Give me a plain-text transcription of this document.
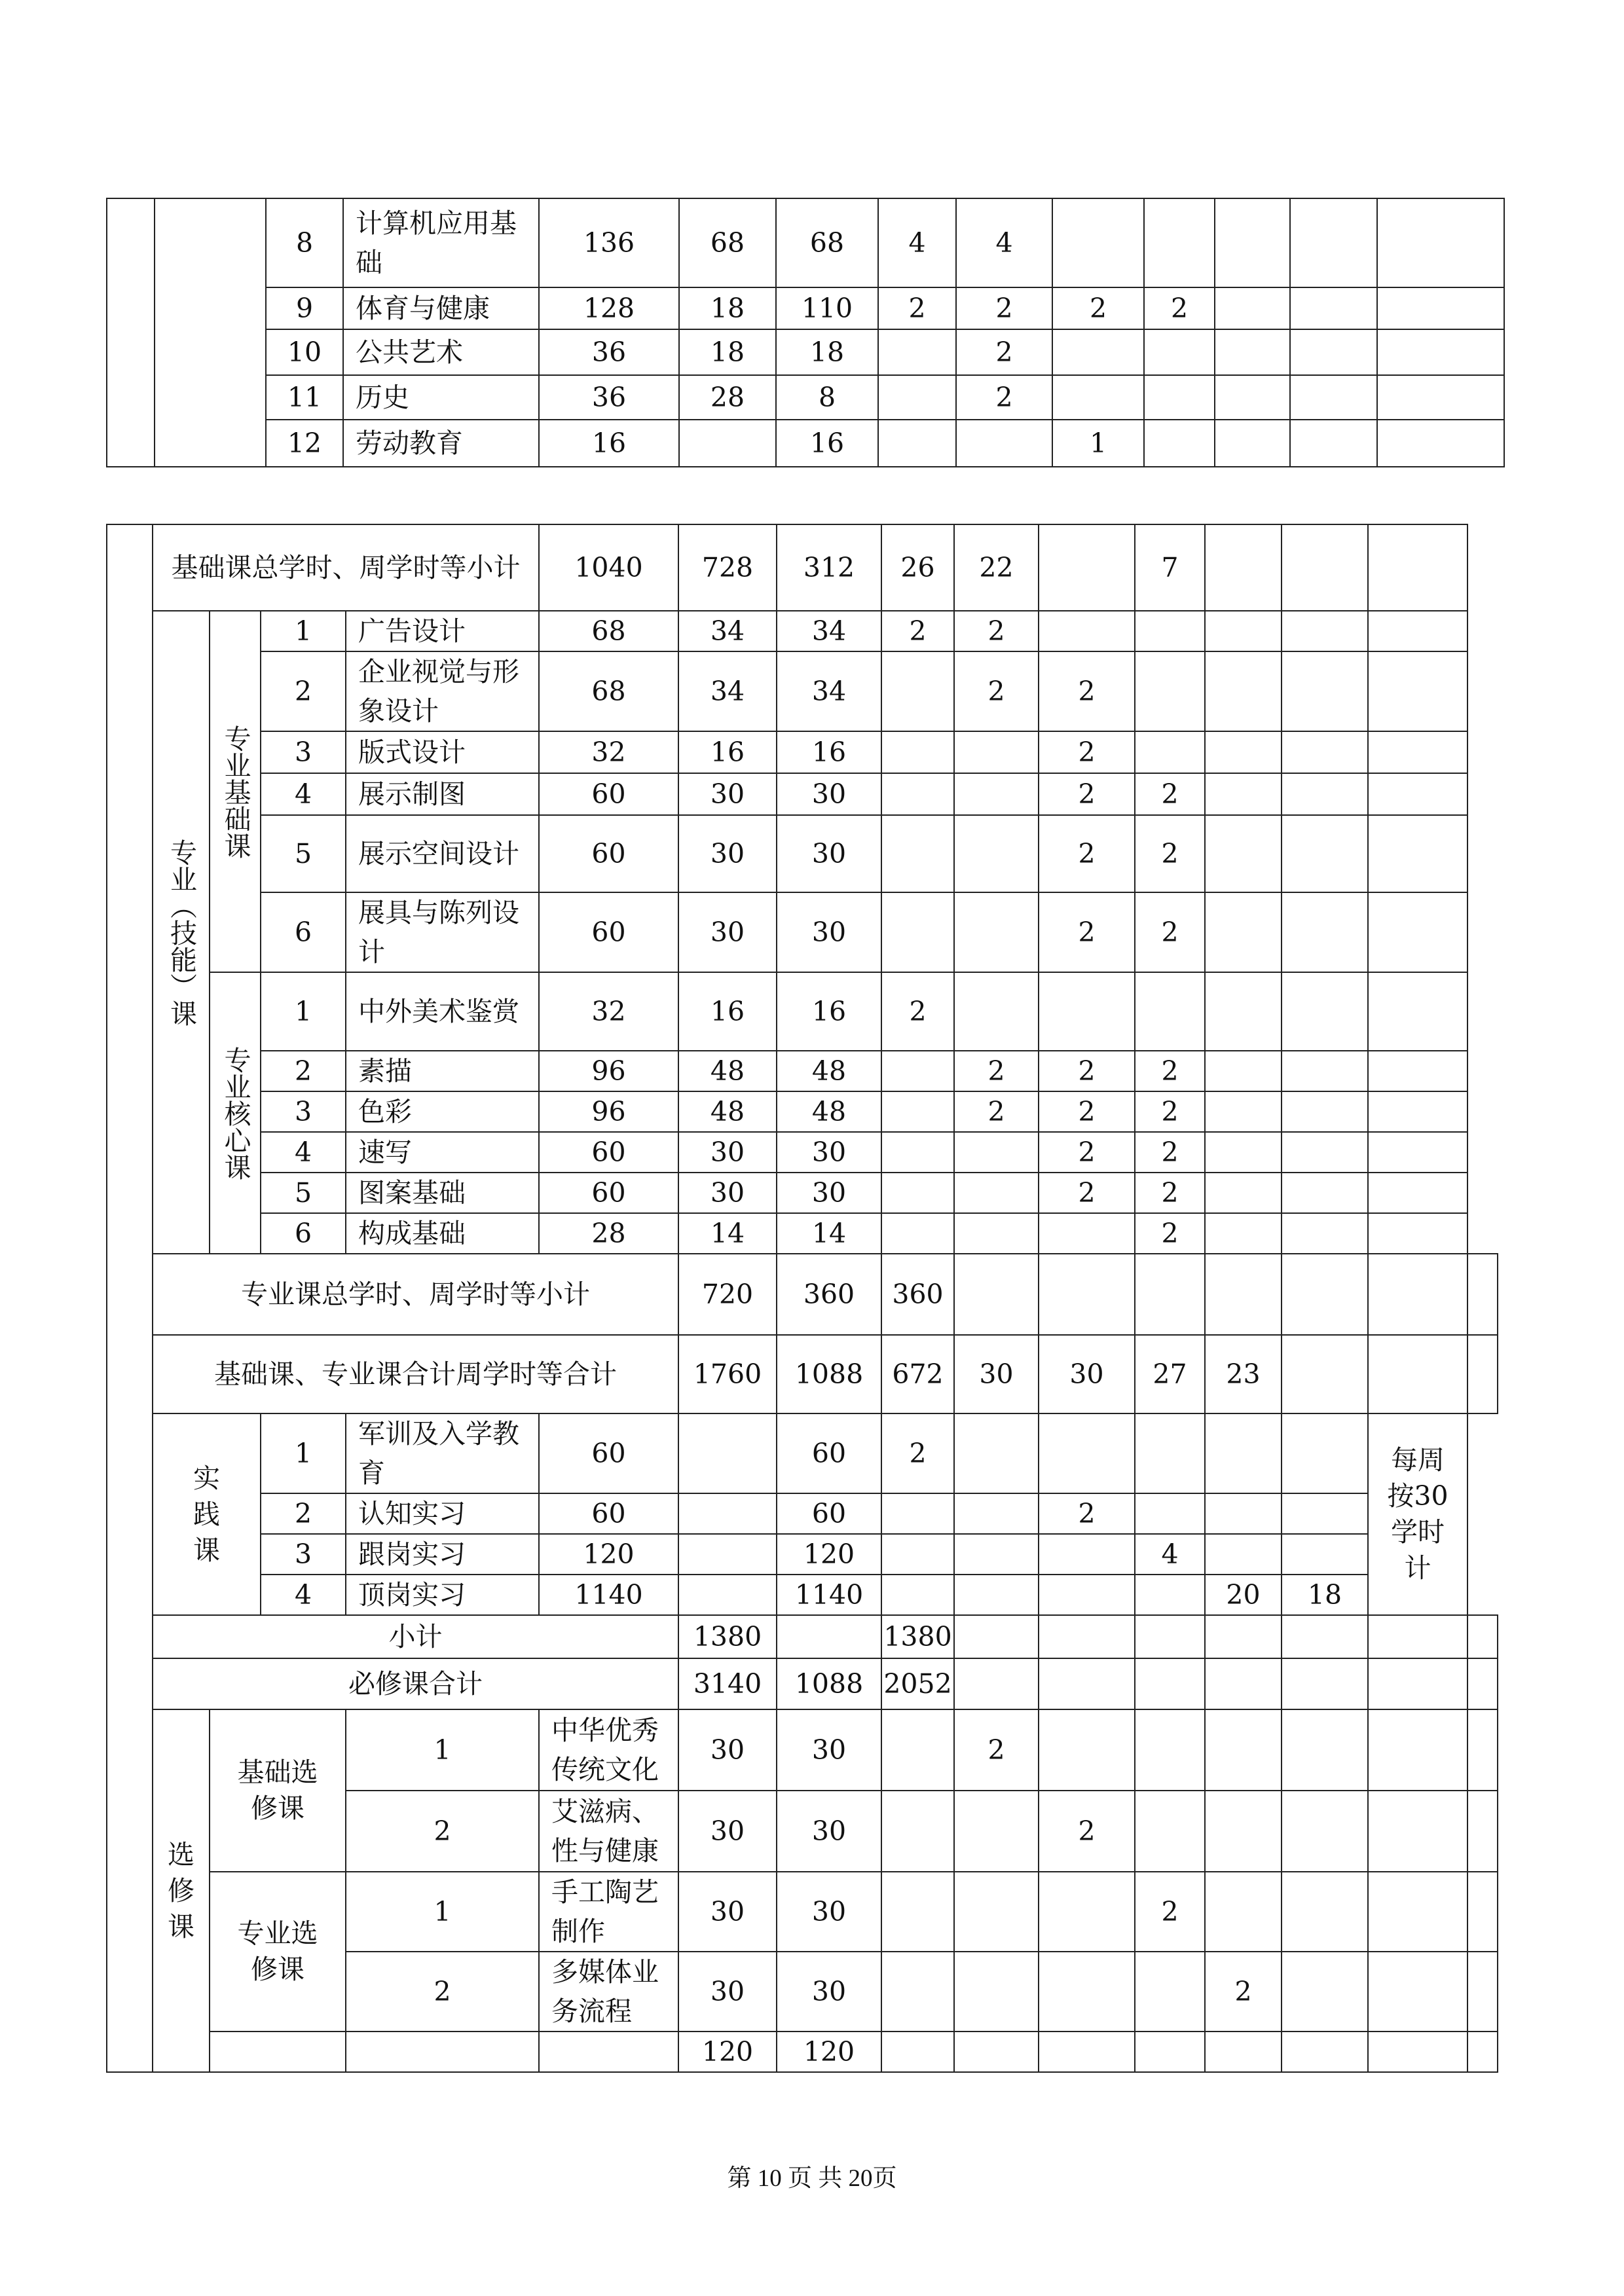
		8	计算机应用基础	136	68	68	4	4					
		9	体育与健康	128	18	110	2	2	2	2			
		10	公共艺术	36	18	18		2					
		11	历史	36	28	8		2					
		12	劳动教育	16		16			1				
	基础课总学时、周学时等小计				1040	728	312	26	22		7				
	专业（技能）课	专业基础课	1	广告设计	68	34	34	2	2						
			2	企业视觉与形象设计	68	34	34		2	2					
			3	版式设计	32	16	16			2					
			4	展示制图	60	30	30			2	2				
			5	展示空间设计	60	30	30			2	2				
			6	展具与陈列设计	60	30	30			2	2				
		专业核心课	1	中外美术鉴赏	32	16	16	2							
			2	素描	96	48	48		2	2	2				
			3	色彩	96	48	48		2	2	2				
			4	速写	60	30	30			2	2				
			5	图案基础	60	30	30			2	2				
			6	构成基础	28	14	14				2				
	专业课总学时、周学时等小计					720	360	360							
	基础课、专业课合计周学时等合计					1760	1088	672	30	30	27	23			
	实践课		1	军训及入学教育	60		60	2						每周按30学时计	
			2	认知实习	60		60			2					
			3	跟岗实习	120		120				4				
			4	顶岗实习	1140		1140					20	18		
	小计					1380		1380							
	必修课合计					3140	1088	2052							
	选修课	基础选修课		1	中华优秀传统文化	30	30		2						
				2	艾滋病、性与健康	30	30			2					
		专业选修课		1	手工陶艺制作	30	30				2				
				2	多媒体业务流程	30	30					2			
						120	120								
第 10 页 共 20页
